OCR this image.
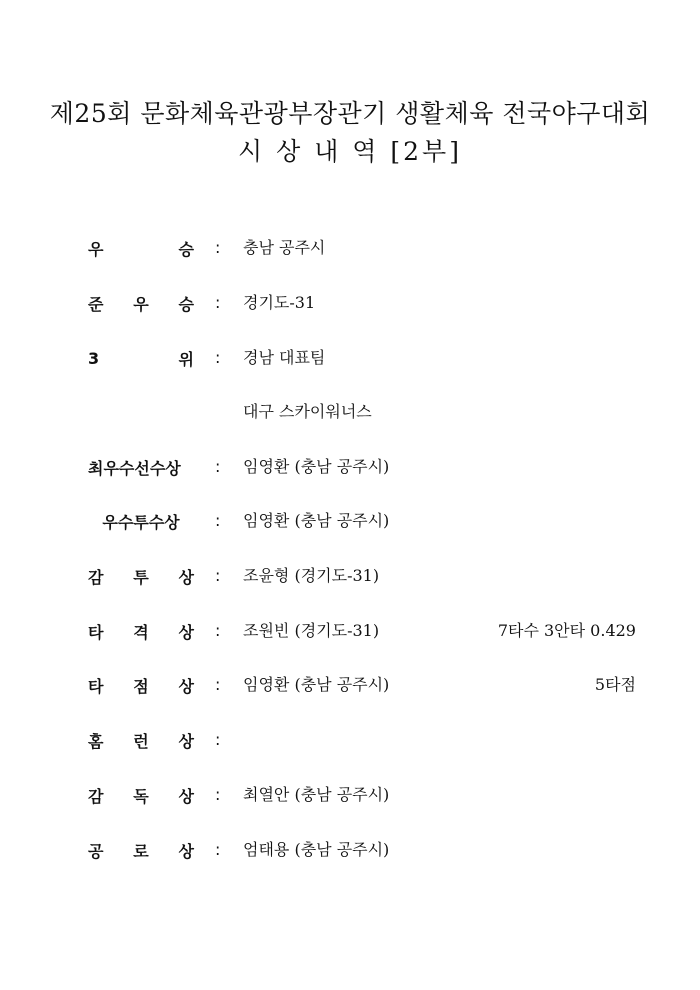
제25회 문화체육관광부장관기 생활체육 전국야구대회
시 상 내 역 [2부]
우	승 : 충남 공주시
준 우 승 : 경기도-31
3	위 : 경남 대표팀
대구 스카이워너스
최우수선수상	: 임영환 (충남 공주시)
우수투수상	: 임영환 (충남 공주시)
감 투 상 : 조윤형 (경기도-31)
타 격 상 : 조원빈 (경기도-31)	7타수 3안타 0.429
타 점 상 : 임영환 (충남 공주시)	5타점
홈 런 상 :
감 독 상 : 최열안 (충남 공주시)
공 로 상 : 엄태용 (충남 공주시)
